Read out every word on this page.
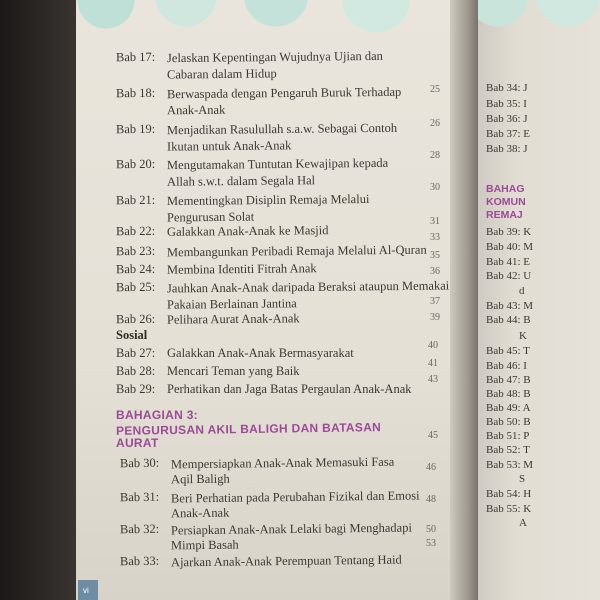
Bab 17: Jelaskan Kepentingan Wujudnya Ujian dan
Cabaran dalam Hidup
Bab 18: Berwaspada dengan Pengaruh Buruk Terhadap
Anak-Anak
25
Bab 19: Menjadikan Rasulullah s.a.w. Sebagai Contoh
Ikutan untuk Anak-Anak
26
Bab 20: Mengutamakan Tuntutan Kewajipan kepada
Allah s.w.t. dalam Segala Hal
28
Bab 21: Mementingkan Disiplin Remaja Melalui
Pengurusan Solat
30
Bab 22: Galakkan Anak-Anak ke Masjid
31
Bab 23: Membangunkan Peribadi Remaja Melalui Al-Quran
33
Bab 24: Membina Identiti Fitrah Anak
35
Bab 25: Jauhkan Anak-Anak daripada Beraksi ataupun Memakai
Pakaian Berlainan Jantina
36
Bab 26: Pelihara Aurat Anak-Anak
37
39
Sosial
Bab 27: Galakkan Anak-Anak Bermasyarakat
40
Bab 28: Mencari Teman yang Baik
41
Bab 29: Perhatikan dan Jaga Batas Pergaulan Anak-Anak
43
BAHAGIAN 3:
PENGURUSAN AKIL BALIGH DAN BATASAN
AURAT
45
Bab 30: Mempersiapkan Anak-Anak Memasuki Fasa
Aqil Baligh
46
Bab 31: Beri Perhatian pada Perubahan Fizikal dan Emosi
Anak-Anak
48
Bab 32: Persiapkan Anak-Anak Lelaki bagi Menghadapi
Mimpi Basah
50
Bab 33: Ajarkan Anak-Anak Perempuan Tentang Haid
53
Bab 34: J
Bab 35: I
Bab 36: J
Bab 37: E
Bab 38: J
BAHAG
KOMUN
REMAJ
Bab 39: K
Bab 40: M
Bab 41: E
Bab 42: U
d
Bab 43: M
Bab 44: B
K
Bab 45: T
Bab 46: I
Bab 47: B
Bab 48: B
Bab 49: A
Bab 50: B
Bab 51: P
Bab 52: T
Bab 53: M
S
Bab 54: H
Bab 55: K
A
vi
